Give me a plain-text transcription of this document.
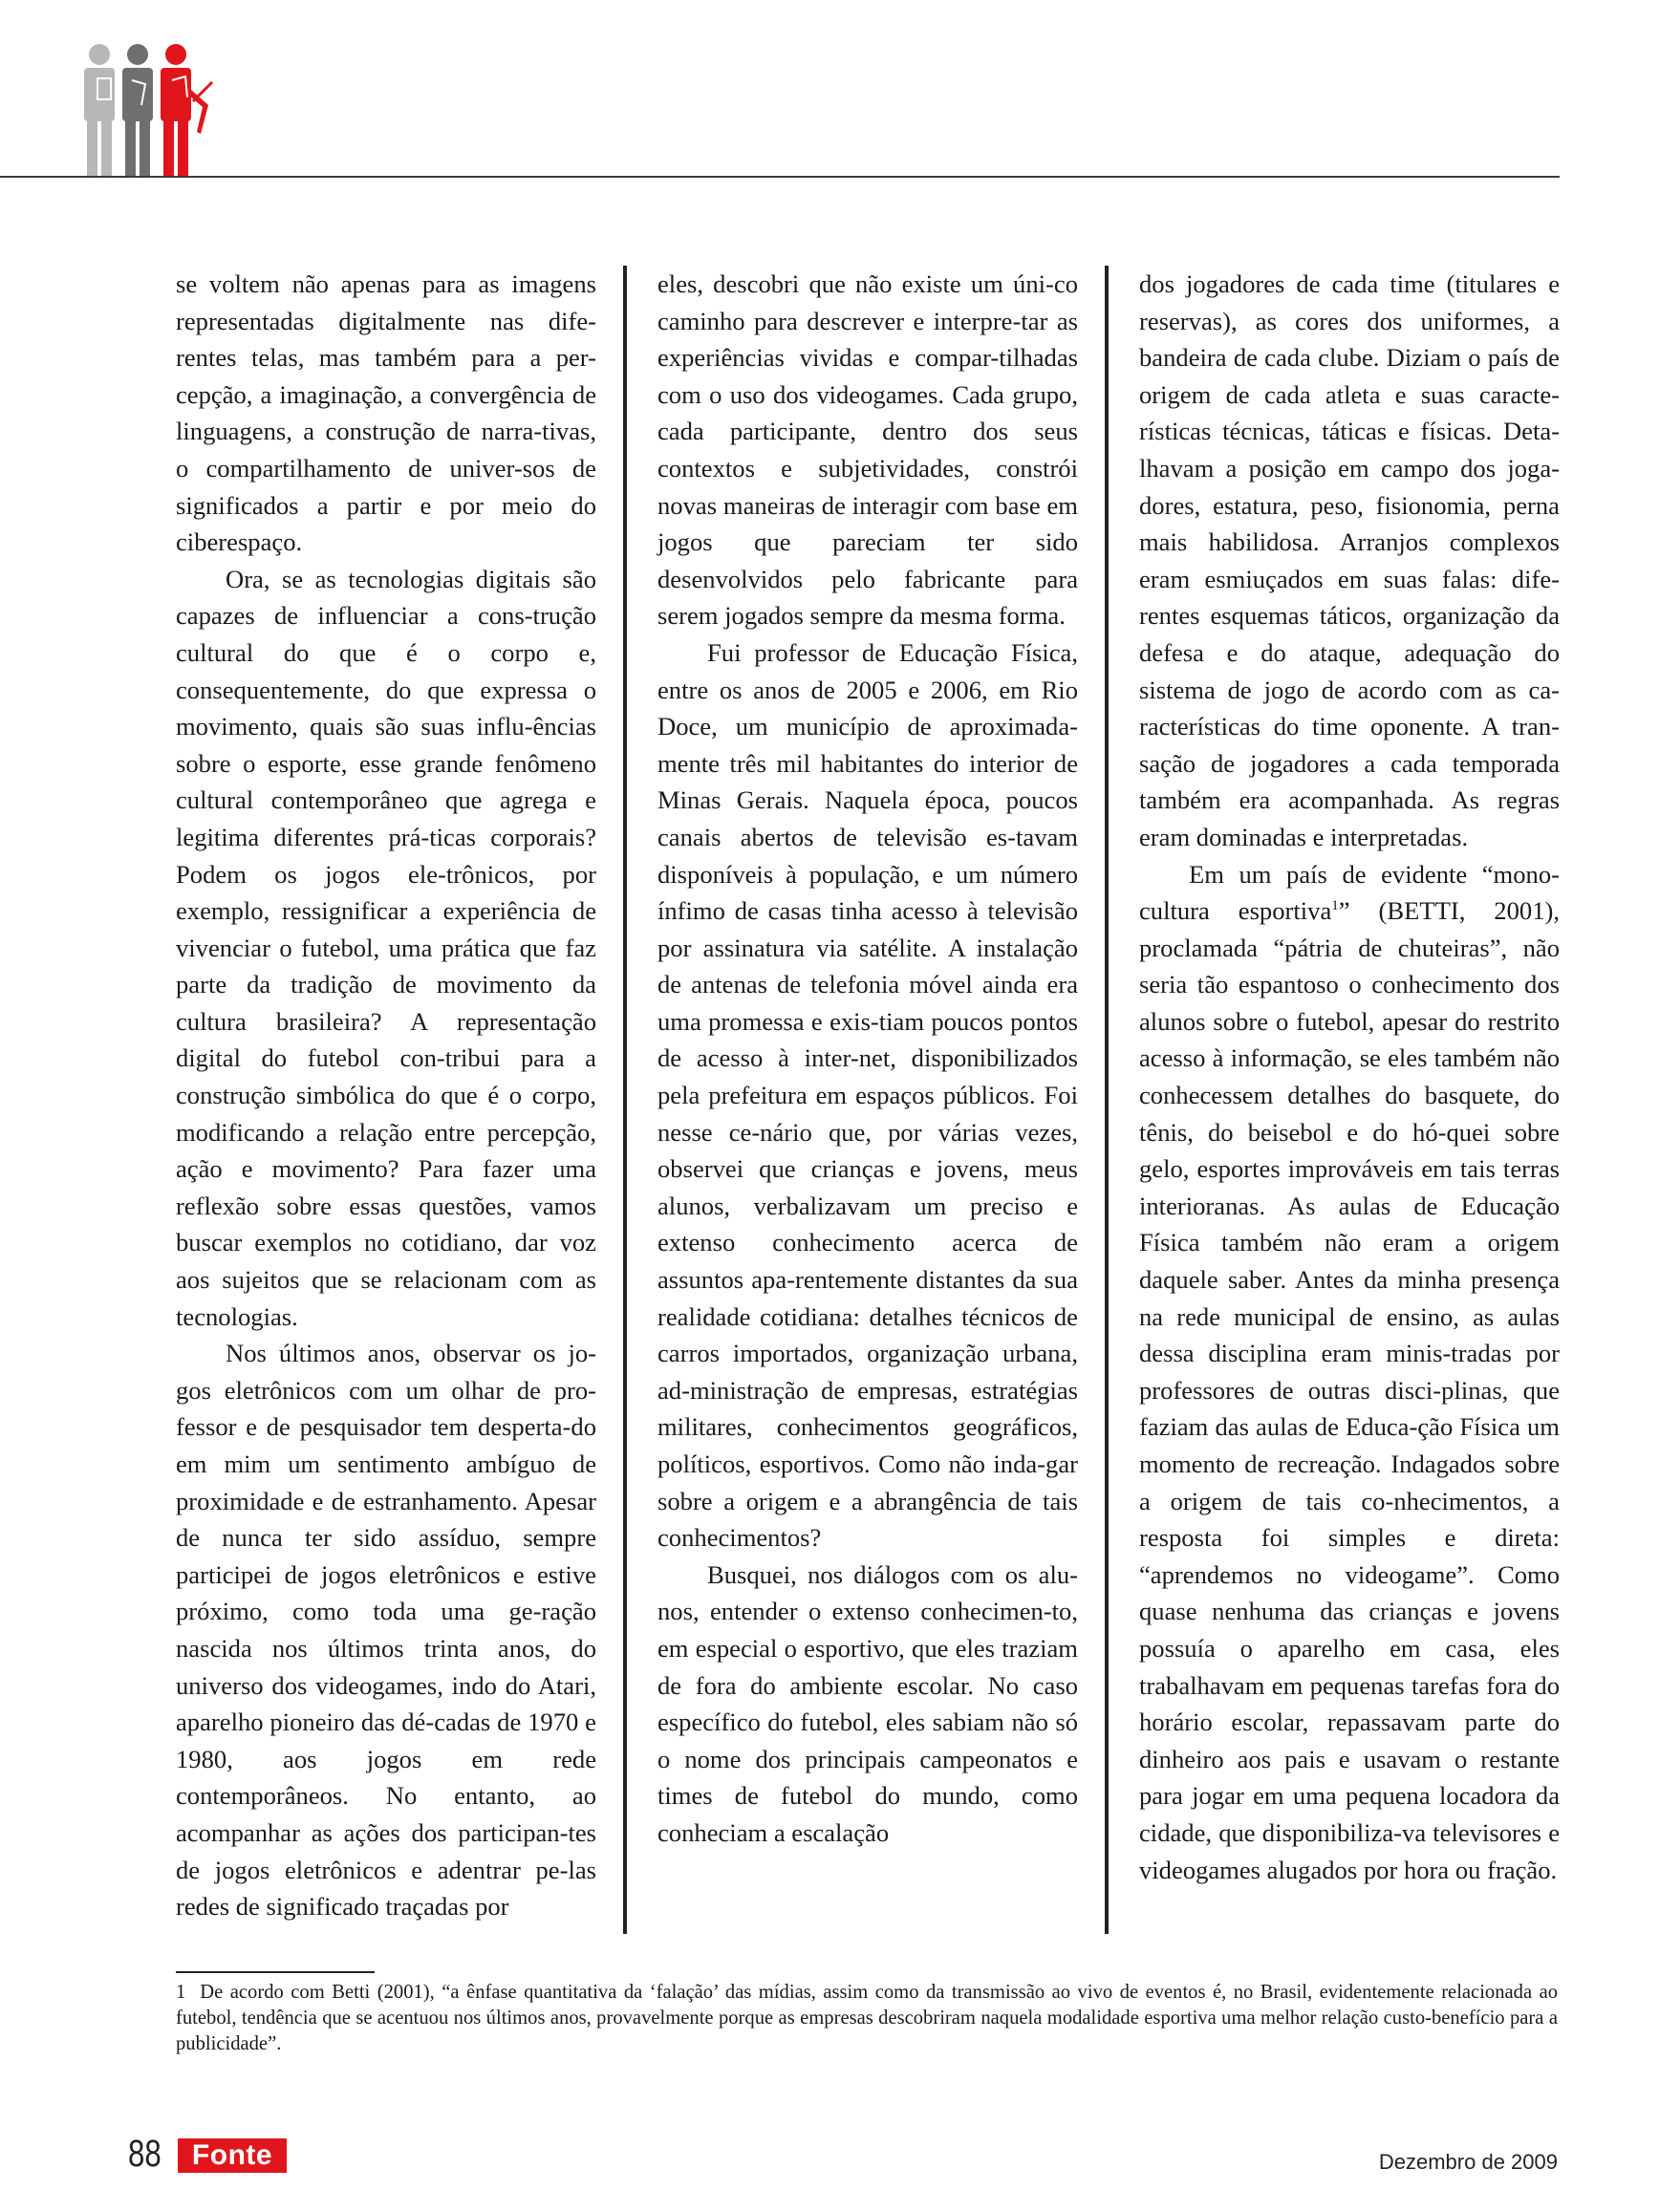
se voltem não apenas para as imagens representadas digitalmente nas dife-rentes telas, mas também para a per-cepção, a imaginação, a convergência de linguagens, a construção de narra-tivas, o compartilhamento de univer-sos de significados a partir e por meio do ciberespaço.

Ora, se as tecnologias digitais são capazes de influenciar a cons-trução cultural do que é o corpo e, consequentemente, do que expressa o movimento, quais são suas influ-ências sobre o esporte, esse grande fenômeno cultural contemporâneo que agrega e legitima diferentes prá-ticas corporais? Podem os jogos ele-trônicos, por exemplo, ressignificar a experiência de vivenciar o futebol, uma prática que faz parte da tradição de movimento da cultura brasileira? A representação digital do futebol con-tribui para a construção simbólica do que é o corpo, modificando a relação entre percepção, ação e movimento? Para fazer uma reflexão sobre essas questões, vamos buscar exemplos no cotidiano, dar voz aos sujeitos que se relacionam com as tecnologias.

Nos últimos anos, observar os jo-gos eletrônicos com um olhar de pro-fessor e de pesquisador tem desperta-do em mim um sentimento ambíguo de proximidade e de estranhamento. Apesar de nunca ter sido assíduo, sempre participei de jogos eletrônicos e estive próximo, como toda uma ge-ração nascida nos últimos trinta anos, do universo dos videogames, indo do Atari, aparelho pioneiro das dé-cadas de 1970 e 1980, aos jogos em rede contemporâneos. No entanto, ao acompanhar as ações dos participan-tes de jogos eletrônicos e adentrar pe-las redes de significado traçadas por

eles, descobri que não existe um úni-co caminho para descrever e interpre-tar as experiências vividas e compar-tilhadas com o uso dos videogames. Cada grupo, cada participante, dentro dos seus contextos e subjetividades, constrói novas maneiras de interagir com base em jogos que pareciam ter sido desenvolvidos pelo fabricante para serem jogados sempre da mesma forma.

Fui professor de Educação Física, entre os anos de 2005 e 2006, em Rio Doce, um município de aproximada-mente três mil habitantes do interior de Minas Gerais. Naquela época, poucos canais abertos de televisão es-tavam disponíveis à população, e um número ínfimo de casas tinha acesso à televisão por assinatura via satélite. A instalação de antenas de telefonia móvel ainda era uma promessa e exis-tiam poucos pontos de acesso à inter-net, disponibilizados pela prefeitura em espaços públicos. Foi nesse ce-nário que, por várias vezes, observei que crianças e jovens, meus alunos, verbalizavam um preciso e extenso conhecimento acerca de assuntos apa-rentemente distantes da sua realidade cotidiana: detalhes técnicos de carros importados, organização urbana, ad-ministração de empresas, estratégias militares, conhecimentos geográficos, políticos, esportivos. Como não inda-gar sobre a origem e a abrangência de tais conhecimentos?

Busquei, nos diálogos com os alu-nos, entender o extenso conhecimen-to, em especial o esportivo, que eles traziam de fora do ambiente escolar. No caso específico do futebol, eles sabiam não só o nome dos principais campeonatos e times de futebol do mundo, como conheciam a escalação

dos jogadores de cada time (titulares e reservas), as cores dos uniformes, a bandeira de cada clube. Diziam o país de origem de cada atleta e suas caracte-rísticas técnicas, táticas e físicas. Deta-lhavam a posição em campo dos joga-dores, estatura, peso, fisionomia, perna mais habilidosa. Arranjos complexos eram esmiuçados em suas falas: dife-rentes esquemas táticos, organização da defesa e do ataque, adequação do sistema de jogo de acordo com as ca-racterísticas do time oponente. A tran-sação de jogadores a cada temporada também era acompanhada. As regras eram dominadas e interpretadas.

Em um país de evidente “mono-cultura esportiva$^1$” (BETTI, 2001), proclamada “pátria de chuteiras”, não seria tão espantoso o conhecimento dos alunos sobre o futebol, apesar do restrito acesso à informação, se eles também não conhecessem detalhes do basquete, do tênis, do beisebol e do hó-quei sobre gelo, esportes improváveis em tais terras interioranas. As aulas de Educação Física também não eram a origem daquele saber. Antes da minha presença na rede municipal de ensino, as aulas dessa disciplina eram minis-tradas por professores de outras disci-plinas, que faziam das aulas de Educa-ção Física um momento de recreação. Indagados sobre a origem de tais co-nhecimentos, a resposta foi simples e direta: “aprendemos no videogame”. Como quase nenhuma das crianças e jovens possuía o aparelho em casa, eles trabalhavam em pequenas tarefas fora do horário escolar, repassavam parte do dinheiro aos pais e usavam o restante para jogar em uma pequena locadora da cidade, que disponibiliza-va televisores e videogames alugados por hora ou fração.

1 De acordo com Betti (2001), “a ênfase quantitativa da ‘falação’ das mídias, assim como da transmissão ao vivo de eventos é, no Brasil, evidentemente relacionada ao futebol, tendência que se acentuou nos últimos anos, provavelmente porque as empresas descobriram naquela modalidade esportiva uma melhor relação custo-benefício para a publicidade”.
88	Fonte	Dezembro de 2009
